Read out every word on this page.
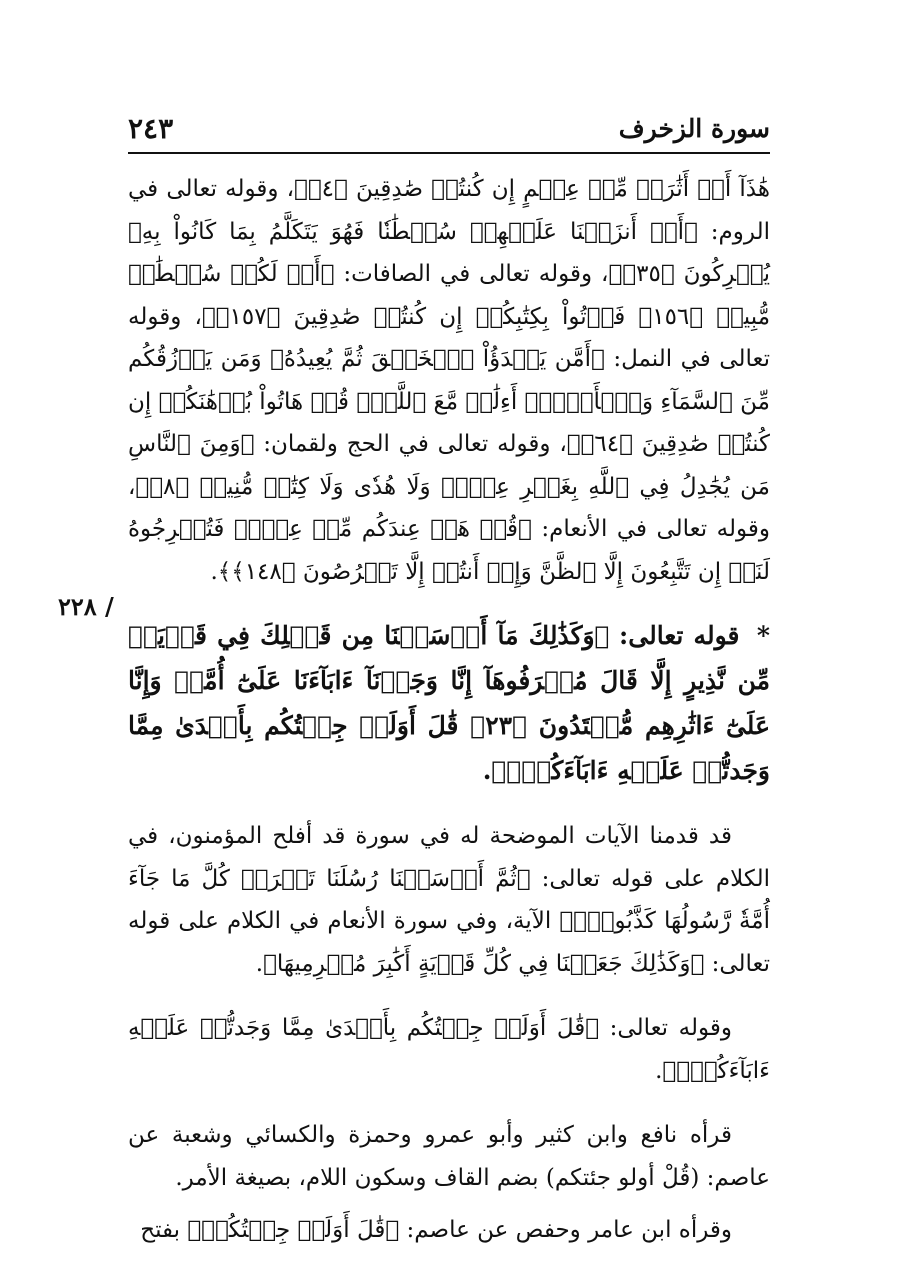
سورة الزخرف
٢٤٣
/ ٢٢٨

هَٰذَآ أَوۡ أَثَٰرَةٖ مِّنۡ عِلۡمٍ إِن كُنتُمۡ صَٰدِقِينَ ﴿٤﴾﴾، وقوله تعالى في الروم: ﴿أَمۡ أَنزَلۡنَا عَلَيۡهِمۡ سُلۡطَٰنٗا فَهُوَ يَتَكَلَّمُ بِمَا كَانُواْ بِهِۦ يُشۡرِكُونَ ﴿٣٥﴾﴾، وقوله تعالى في الصافات: ﴿أَمۡ لَكُمۡ سُلۡطَٰنٞ مُّبِينٞ ﴿١٥٦﴾ فَأۡتُواْ بِكِتَٰبِكُمۡ إِن كُنتُمۡ صَٰدِقِينَ ﴿١٥٧﴾﴾، وقوله تعالى في النمل: ﴿أَمَّن يَبۡدَؤُاْ ٱلۡخَلۡقَ ثُمَّ يُعِيدُهُۥ وَمَن يَرۡزُقُكُم مِّنَ ٱلسَّمَآءِ وَٱلۡأَرۡضِۗ أَءِلَٰهٞ مَّعَ ٱللَّهِۚ قُلۡ هَاتُواْ بُرۡهَٰنَكُمۡ إِن كُنتُمۡ صَٰدِقِينَ ﴿٦٤﴾﴾، وقوله تعالى في الحج ولقمان: ﴿وَمِنَ ٱلنَّاسِ مَن يُجَٰدِلُ فِي ٱللَّهِ بِغَيۡرِ عِلۡمٖ وَلَا هُدٗى وَلَا كِتَٰبٖ مُّنِيرٖ ﴿٨﴾﴾، وقوله تعالى في الأنعام: ﴿قُلۡ هَلۡ عِندَكُم مِّنۡ عِلۡمٖ فَتُخۡرِجُوهُ لَنَآۖ إِن تَتَّبِعُونَ إِلَّا ٱلظَّنَّ وَإِنۡ أَنتُمۡ إِلَّا تَخۡرُصُونَ ﴿١٤٨﴾﴾.

* قوله تعالى: ﴿وَكَذَٰلِكَ مَآ أَرۡسَلۡنَا مِن قَبۡلِكَ فِي قَرۡيَةٖ مِّن نَّذِيرٍ إِلَّا قَالَ مُتۡرَفُوهَآ إِنَّا وَجَدۡنَآ ءَابَآءَنَا عَلَىٰٓ أُمَّةٖ وَإِنَّا عَلَىٰٓ ءَاثَٰرِهِم مُّقۡتَدُونَ ﴿٢٣﴾ قَٰلَ أَوَلَوۡ جِئۡتُكُم بِأَهۡدَىٰ مِمَّا وَجَدتُّمۡ عَلَيۡهِ ءَابَآءَكُمۡۖ﴾.

قد قدمنا الآيات الموضحة له في سورة قد أفلح المؤمنون، في الكلام على قوله تعالى: ﴿ثُمَّ أَرۡسَلۡنَا رُسُلَنَا تَتۡرَاۖ كُلَّ مَا جَآءَ أُمَّةٗ رَّسُولُهَا كَذَّبُوهُۖ﴾ الآية، وفي سورة الأنعام في الكلام على قوله تعالى: ﴿وَكَذَٰلِكَ جَعَلۡنَا فِي كُلِّ قَرۡيَةٍ أَكَٰبِرَ مُجۡرِمِيهَا﴾.

وقوله تعالى: ﴿قَٰلَ أَوَلَوۡ جِئۡتُكُم بِأَهۡدَىٰ مِمَّا وَجَدتُّمۡ عَلَيۡهِ ءَابَآءَكُمۡۖ﴾.

قرأه نافع وابن كثير وأبو عمرو وحمزة والكسائي وشعبة عن عاصم: (قُلْ أولو جئتكم) بضم القاف وسكون اللام، بصيغة الأمر.

وقرأه ابن عامر وحفص عن عاصم: ﴿قَٰلَ أَوَلَوۡ جِئۡتُكُمۡ﴾ بفتح
